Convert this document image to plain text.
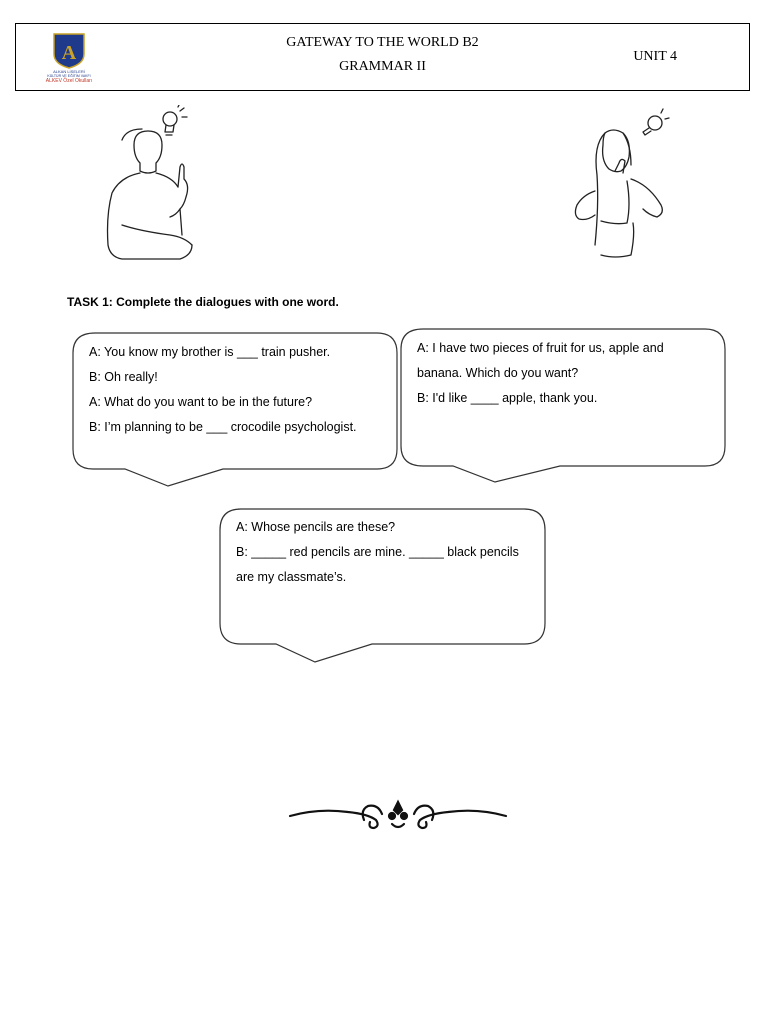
A
ALKAN LİSELERİ
KÜLTÜR VE EĞİTİM VAKFI
ALKEV Özel Okulları
GATEWAY TO THE WORLD B2
GRAMMAR II
UNIT 4
TASK 1: Complete the dialogues with one word.

A: You know my brother is ___ train pusher.

B: Oh really!

A: What do you want to be in the future?

B: I’m planning to be ___ crocodile psychologist.

A: I have two pieces of fruit for us, apple and

banana. Which do you want?

B: I'd like ____ apple, thank you.

A: Whose pencils are these?

B: _____ red pencils are mine. _____ black pencils

are my classmate’s.
